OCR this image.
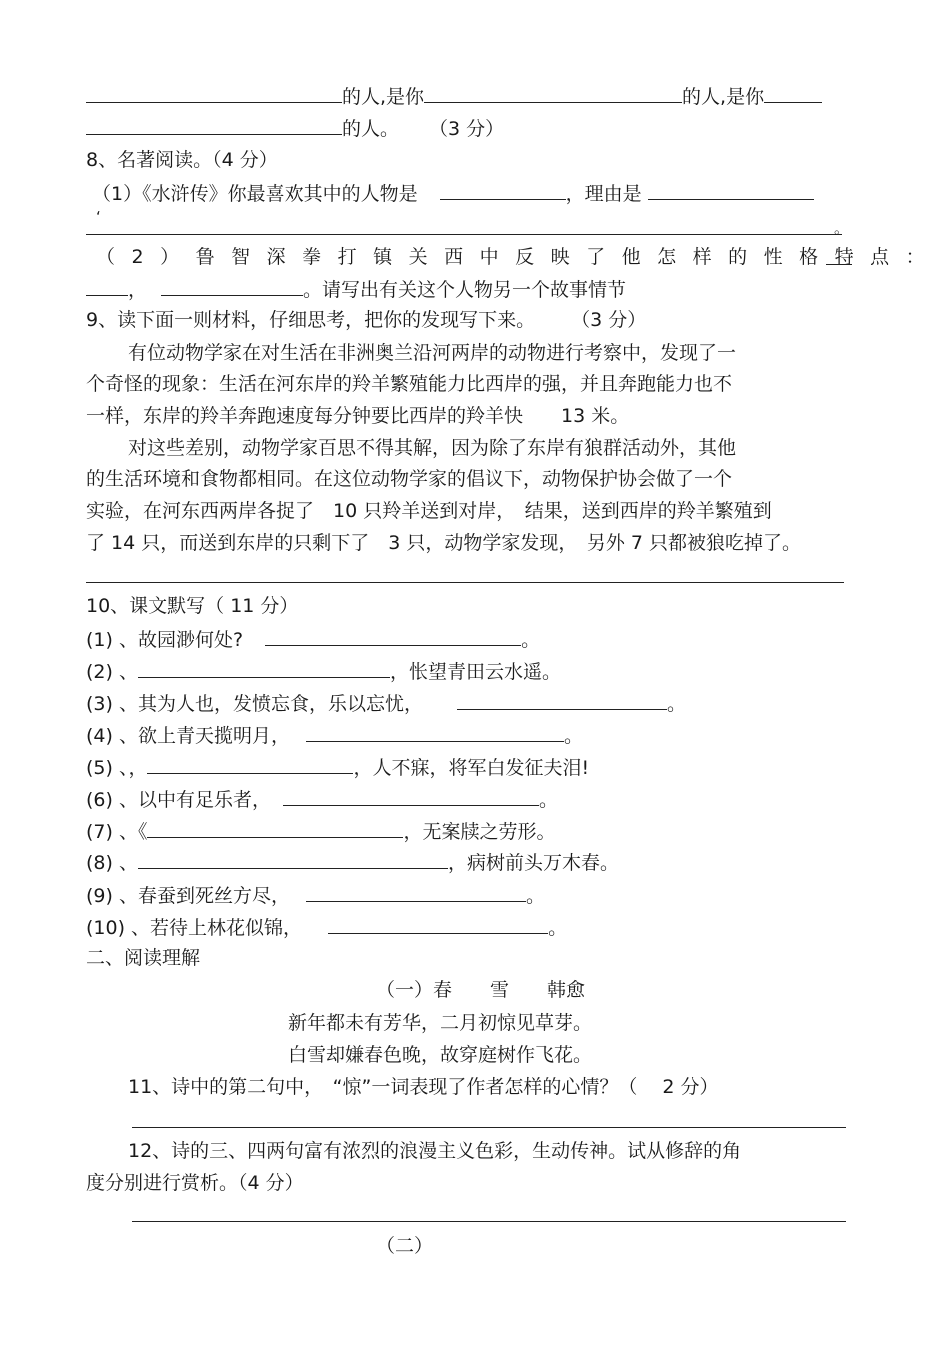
的人,是你	的人,是你
的人。 （3 分）
8、名著阅读。（4 分）
（1）《水浒传》你最喜欢其中的人物是	，理由是
‘
。
（2）鲁智深拳打镇关西中反映了他怎样的性格特点：
，	。请写出有关这个人物另一个故事情节
9、读下面一则材料，仔细思考，把你的发现写下来。 （3 分）
有位动物学家在对生活在非洲奥兰沿河两岸的动物进行考察中，发现了一
个奇怪的现象：生活在河东岸的羚羊繁殖能力比西岸的强，并且奔跑能力也不
一样，东岸的羚羊奔跑速度每分钟要比西岸的羚羊快　　13 米。
对这些差别，动物学家百思不得其解，因为除了东岸有狼群活动外，其他
的生活环境和食物都相同。在这位动物学家的倡议下，动物保护协会做了一个
实验，在河东西两岸各捉了　10 只羚羊送到对岸，　结果，送到西岸的羚羊繁殖到
了 14 只，而送到东岸的只剩下了　3 只，动物学家发现，　另外 7 只都被狼吃掉了。
10、课文默写（ 11 分）
(1) 、故园渺何处?	。
(2) 、	，怅望青田云水遥。
(3) 、其为人也，发愤忘食，乐以忘忧，	。
(4) 、欲上青天揽明月，	。
(5) 、，	，人不寐，将军白发征夫泪!
(6) 、以中有足乐者，	。
(7) 、《	，无案牍之劳形。
(8) 、	，病树前头万木春。
(9) 、春蚕到死丝方尽，	。
(10) 、若待上林花似锦，	。
二、阅读理解
（一）春　　雪　　韩愈
新年都未有芳华，二月初惊见草芽。
白雪却嫌春色晚，故穿庭树作飞花。
11、诗中的第二句中，　“惊”一词表现了作者怎样的心情？（　 2 分）
12、诗的三、四两句富有浓烈的浪漫主义色彩，生动传神。试从修辞的角
度分别进行赏析。（4 分）
（二）
